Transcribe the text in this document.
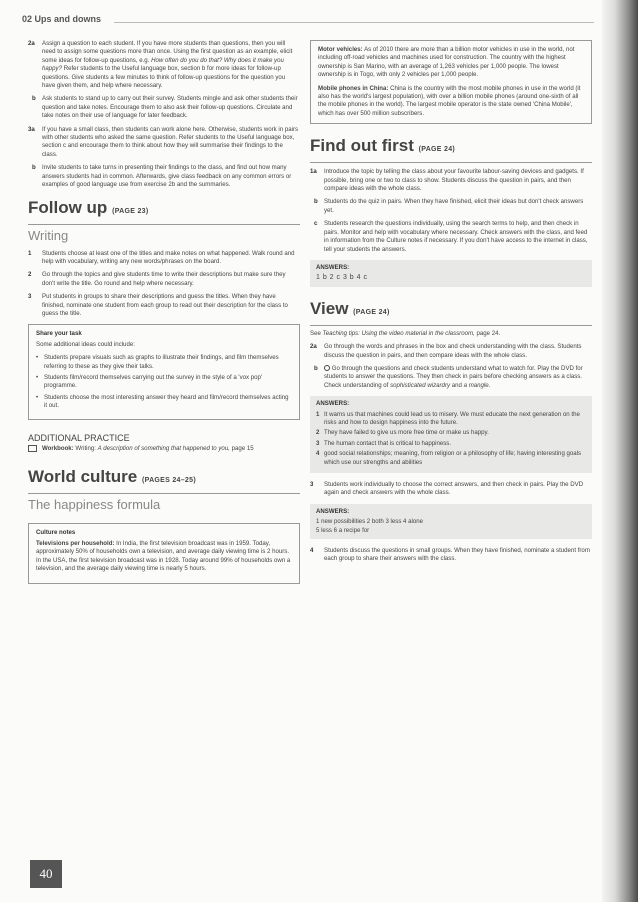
02 Ups and downs
2a Assign a question to each student. If you have more students than questions, then you will need to assign some questions more than once. Using the first question as an example, elicit some ideas for follow-up questions, e.g. How often do you do that? Why does it make you happy? Refer students to the Useful language box, section b for more ideas for follow-up questions. Give students a few minutes to think of follow-up questions for the question you have given them, and help where necessary.
b Ask students to stand up to carry out their survey. Students mingle and ask other students their question and take notes. Encourage them to also ask their follow-up questions. Circulate and take notes on their use of language for later feedback.
3a If you have a small class, then students can work alone here. Otherwise, students work in pairs with other students who asked the same question. Refer students to the Useful language box, section c and encourage them to think about how they will summarise their findings to the class.
b Invite students to take turns in presenting their findings to the class, and find out how many answers students had in common. Afterwards, give class feedback on any common errors or examples of good language use from exercise 2b and the summaries.
Follow up (PAGE 23)
Writing
1 Students choose at least one of the titles and make notes on what happened. Walk round and help with vocabulary, writing any new words/phrases on the board.
2 Go through the topics and give students time to write their descriptions but make sure they don't write the title. Go round and help where necessary.
3 Put students in groups to share their descriptions and guess the titles. When they have finished, nominate one student from each group to read out their description for the class to guess the title.
Share your task

Some additional ideas could include:

• Students prepare visuals such as graphs to illustrate their findings, and film themselves referring to these as they give their talks.
• Students film/record themselves carrying out the survey in the style of a 'vox pop' programme.
• Students choose the most interesting answer they heard and film/record themselves acting it out.
ADDITIONAL PRACTICE
Workbook: Writing: A description of something that happened to you, page 15
World culture (PAGES 24–25)
The happiness formula
Culture notes

Televisions per household: In India, the first television broadcast was in 1959. Today, approximately 50% of households own a television, and average daily viewing time is 2 hours. In the USA, the first television broadcast was in 1928. Today around 99% of households own a television, and the average daily viewing time is nearly 5 hours.

40

Motor vehicles: As of 2010 there are more than a billion motor vehicles in use in the world, not including off-road vehicles and machines used for construction. The country with the highest ownership is San Marino, with an average of 1,263 vehicles per 1,000 people. The lowest ownership is in Togo, with only 2 vehicles per 1,000 people.

Mobile phones in China: China is the country with the most mobile phones in use in the world (it also has the world's largest population), with over a billion mobile phones (around one-sixth of all the mobile phones in the world). The largest mobile operator is the state owned 'China Mobile', which has over 500 million subscribers.

Find out first (PAGE 24)
1a Introduce the topic by telling the class about your favourite labour-saving devices and gadgets. If possible, bring one or two to class to show. Students discuss the question in pairs, and then compare ideas with the whole class.
b Students do the quiz in pairs. When they have finished, elicit their ideas but don't check answers yet.
c Students research the questions individually, using the search terms to help, and then check in pairs. Monitor and help with vocabulary where necessary. Check answers with the class, and feed in information from the Culture notes if necessary. If you don't have access to the internet in class, tell your students the answers.
ANSWERS:
1 b 2 c 3 b 4 c
View (PAGE 24)

See Teaching tips: Using the video material in the classroom, page 24.

2a Go through the words and phrases in the box and check understanding with the class. Students discuss the question in pairs, and then compare ideas with the whole class.
b Go through the questions and check students understand what to watch for. Play the DVD for students to answer the questions. They then check in pairs before checking answers as a class. Check understanding of sophisticated wizardry and a mangle.
ANSWERS:
1 It warns us that machines could lead us to misery. We must educate the next generation on the risks and how to design happiness into the future.
2 They have failed to give us more free time or make us happy.
3 The human contact that is critical to happiness.
4 good social relationships; meaning, from religion or a philosophy of life; having interesting goals which use our strengths and abilities
3 Students work individually to choose the correct answers, and then check in pairs. Play the DVD again and check answers with the whole class.
ANSWERS:
1 new possibilities 2 both 3 less 4 alone
5 less 6 a recipe for
4 Students discuss the questions in small groups. When they have finished, nominate a student from each group to share their answers with the class.
